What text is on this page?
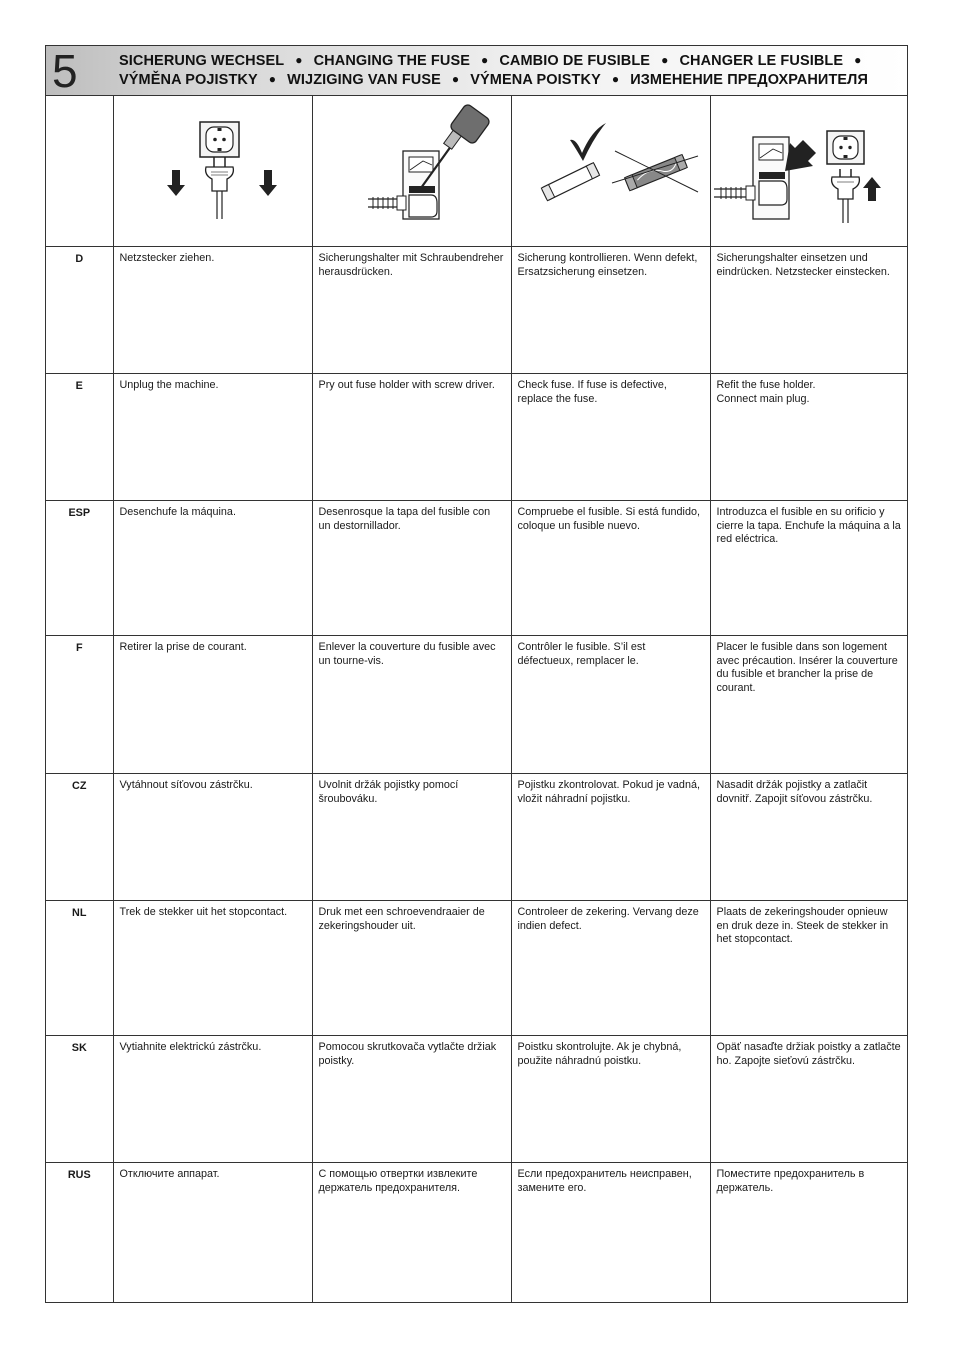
5	SICHERUNG WECHSEL ● CHANGING THE FUSE ● CAMBIO DE FUSIBLE ● CHANGER LE FUSIBLE ●
VÝMĚNA POJISTKY ● WIJZIGING VAN FUSE ● VÝMENA POISTKY ● ИЗМЕНЕНИЕ ПРЕДОХРАНИТЕЛЯ

D	Netzstecker ziehen.	Sicherungshalter mit Schraubendreher herausdrücken.	Sicherung kontrollieren. Wenn defekt, Ersatzsicherung einsetzen.	Sicherungshalter einsetzen und eindrücken. Netzstecker einstecken.
E	Unplug the machine.	Pry out fuse holder with screw driver.	Check fuse. If fuse is defective, replace the fuse.	Refit the fuse holder.
Connect main plug.
ESP	Desenchufe la máquina.	Desenrosque la tapa del fusible con un destornillador.	Compruebe el fusible. Si está fundido, coloque un fusible nuevo.	Introduzca el fusible en su orificio y cierre la tapa. Enchufe la máquina a la red eléctrica.
F	Retirer la prise de courant.	Enlever la couverture du fusible avec un tourne-vis.	Contrôler le fusible. S’il est défectueux, remplacer le.	Placer le fusible dans son logement avec précaution. Insérer la couverture du fusible et brancher la prise de courant.
CZ	Vytáhnout síťovou zástrčku.	Uvolnit držák pojistky pomocí šroubováku.	Pojistku zkontrolovat. Pokud je vadná, vložit náhradní pojistku.	Nasadit držák pojistky a zatlačit dovnitř. Zapojit síťovou zástrčku.
NL	Trek de stekker uit het stopcontact.	Druk met een schroevendraaier de zekeringshouder uit.	Controleer de zekering. Vervang deze indien defect.	Plaats de zekeringshouder opnieuw en druk deze in. Steek de stekker in het stopcontact.
SK	Vytiahnite elektrickú zástrčku.	Pomocou skrutkovača vytlačte držiak poistky.	Poistku skontrolujte. Ak je chybná, použite náhradnú poistku.	Opäť nasaďte držiak poistky a zatlačte ho. Zapojte sieťovú zástrčku.
RUS	Отключите аппарат.	С помощью отвертки извлеките держатель предохранителя.	Если предохранитель неисправен, замените его.	Поместите предохранитель в держатель.
